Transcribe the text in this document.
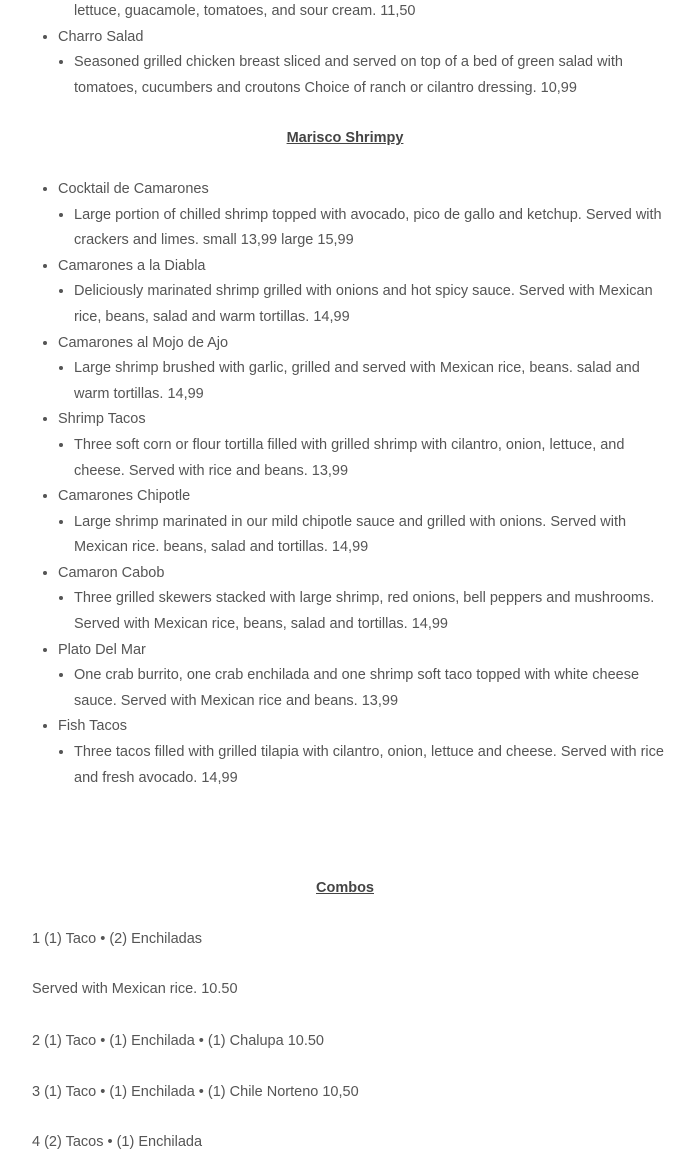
lettuce, guacamole, tomatoes, and sour cream. 11,50
• Charro Salad
• Seasoned grilled chicken breast sliced and served on top of a bed of green salad with tomatoes, cucumbers and croutons Choice of ranch or cilantro dressing. 10,99

Marisco Shrimpy

• Cocktail de Camarones
• Large portion of chilled shrimp topped with avocado, pico de gallo and ketchup. Served with crackers and limes. small 13,99 large 15,99
• Camarones a la Diabla
• Deliciously marinated shrimp grilled with onions and hot spicy sauce. Served with Mexican rice, beans, salad and warm tortillas. 14,99
• Camarones al Mojo de Ajo
• Large shrimp brushed with garlic, grilled and served with Mexican rice, beans. salad and warm tortillas. 14,99
• Shrimp Tacos
• Three soft corn or flour tortilla filled with grilled shrimp with cilantro, onion, lettuce, and cheese. Served with rice and beans. 13,99
• Camarones Chipotle
• Large shrimp marinated in our mild chipotle sauce and grilled with onions. Served with Mexican rice. beans, salad and tortillas. 14,99
• Camaron Cabob
• Three grilled skewers stacked with large shrimp, red onions, bell peppers and mushrooms. Served with Mexican rice, beans, salad and tortillas. 14,99
• Plato Del Mar
• One crab burrito, one crab enchilada and one shrimp soft taco topped with white cheese sauce. Served with Mexican rice and beans. 13,99
• Fish Tacos
• Three tacos filled with grilled tilapia with cilantro, onion, lettuce and cheese. Served with rice and fresh avocado. 14,99

Combos

1 (1) Taco • (2) Enchiladas

Served with Mexican rice. 10.50

2 (1) Taco • (1) Enchilada • (1) Chalupa 10.50

3 (1) Taco • (1) Enchilada • (1) Chile Norteno 10,50

4 (2) Tacos • (1) Enchilada
